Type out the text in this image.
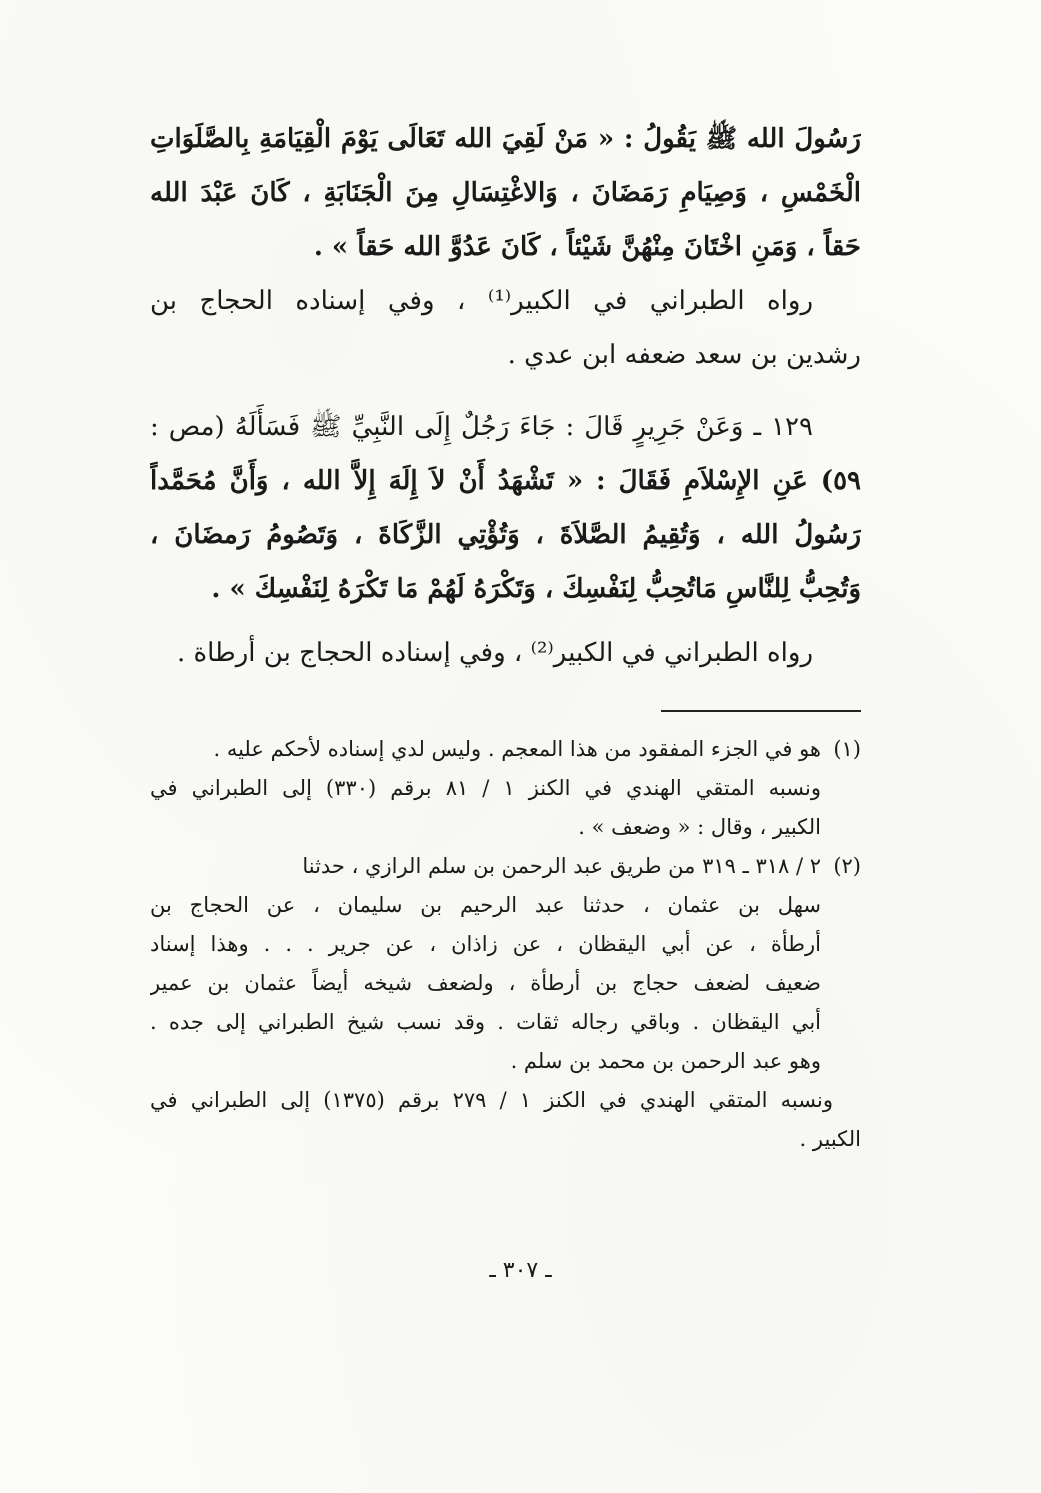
رَسُولَ الله ﷺ يَقُولُ : « مَنْ لَقِيَ الله تَعَالَى يَوْمَ الْقِيَامَةِ بِالصَّلَوَاتِ

الْخَمْسِ ، وَصِيَامِ رَمَضَانَ ، وَالاغْتِسَالِ مِنَ الْجَنَابَةِ ، كَانَ عَبْدَ الله

حَقاً ، وَمَنِ اخْتَانَ مِنْهُنَّ شَيْئاً ، كَانَ عَدُوَّ الله حَقاً » .

رواه الطبراني في الكبير⁽¹⁾ ، وفي إسناده الحجاج بن

رشدين بن سعد ضعفه ابن عدي .

١٢٩ ـ وَعَنْ جَرِيرٍ قَالَ : جَاءَ رَجُلٌ إِلَى النَّبِيِّ ﷺ فَسَأَلَهُ (مص :

٥٩) عَنِ الإِسْلاَمِ فَقَالَ : « تَشْهَدُ أَنْ لاَ إِلَهَ إِلاَّ الله ، وَأَنَّ مُحَمَّداً

رَسُولُ الله ، وَتُقِيمُ الصَّلاَةَ ، وَتُؤْتِي الزَّكَاةَ ، وَتَصُومُ رَمضَانَ ،

وَتُحِبُّ لِلنَّاسِ مَاتُحِبُّ لِنَفْسِكَ ، وَتَكْرَهُ لَهُمْ مَا تَكْرَهُ لِنَفْسِكَ » .

رواه الطبراني في الكبير⁽²⁾ ، وفي إسناده الحجاج بن أرطاة .

(١)هو في الجزء المفقود من هذا المعجم . وليس لدي إسناده لأحكم عليه .

ونسبه المتقي الهندي في الكنز ١ / ٨١ برقم (٣٣٠) إلى الطبراني في

الكبير ، وقال : « وضعف » .

(٢)٢ / ٣١٨ ـ ٣١٩ من طريق عبد الرحمن بن سلم الرازي ، حدثنا

سهل بن عثمان ، حدثنا عبد الرحيم بن سليمان ، عن الحجاج بن

أرطأة ، عن أبي اليقظان ، عن زاذان ، عن جرير . . . وهذا إسناد

ضعيف لضعف حجاج بن أرطأة ، ولضعف شيخه أيضاً عثمان بن عمير

أبي اليقظان . وباقي رجاله ثقات . وقد نسب شيخ الطبراني إلى جده .

وهو عبد الرحمن بن محمد بن سلم .

ونسبه المتقي الهندي في الكنز ١ / ٢٧٩ برقم (١٣٧٥) إلى الطبراني في

الكبير .

ـ ٣٠٧ ـ
